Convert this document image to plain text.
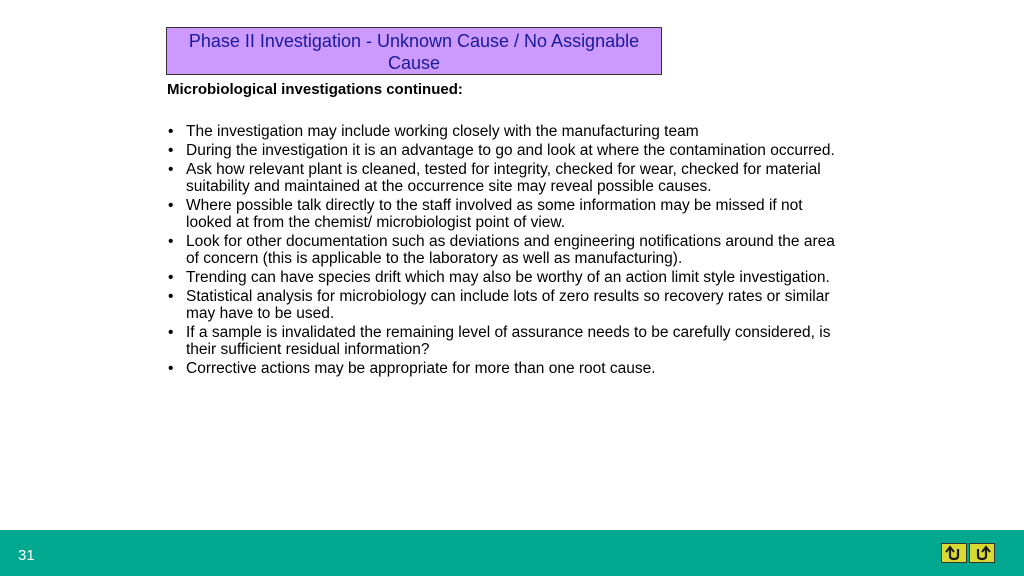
Phase II Investigation - Unknown Cause / No Assignable
Cause
Microbiological investigations continued:
• The investigation may include working closely with the manufacturing team
• During the investigation it is an advantage to go and look at where the contamination occurred.
• Ask how relevant plant is cleaned, tested for integrity, checked for wear, checked for material suitability and maintained at the occurrence site may reveal possible causes.
• Where possible talk directly to the staff involved as some information may be missed if not looked at from the chemist/ microbiologist point of view.
• Look for other documentation such as deviations and engineering notifications around the area of concern (this is applicable to the laboratory as well as manufacturing).
• Trending can have species drift which may also be worthy of an action limit style investigation.
• Statistical analysis for microbiology can include lots of zero results so recovery rates or similar may have to be used.
• If a sample is invalidated the remaining level of assurance needs to be carefully considered, is their sufficient residual information?
• Corrective actions may be appropriate for more than one root cause.
31
